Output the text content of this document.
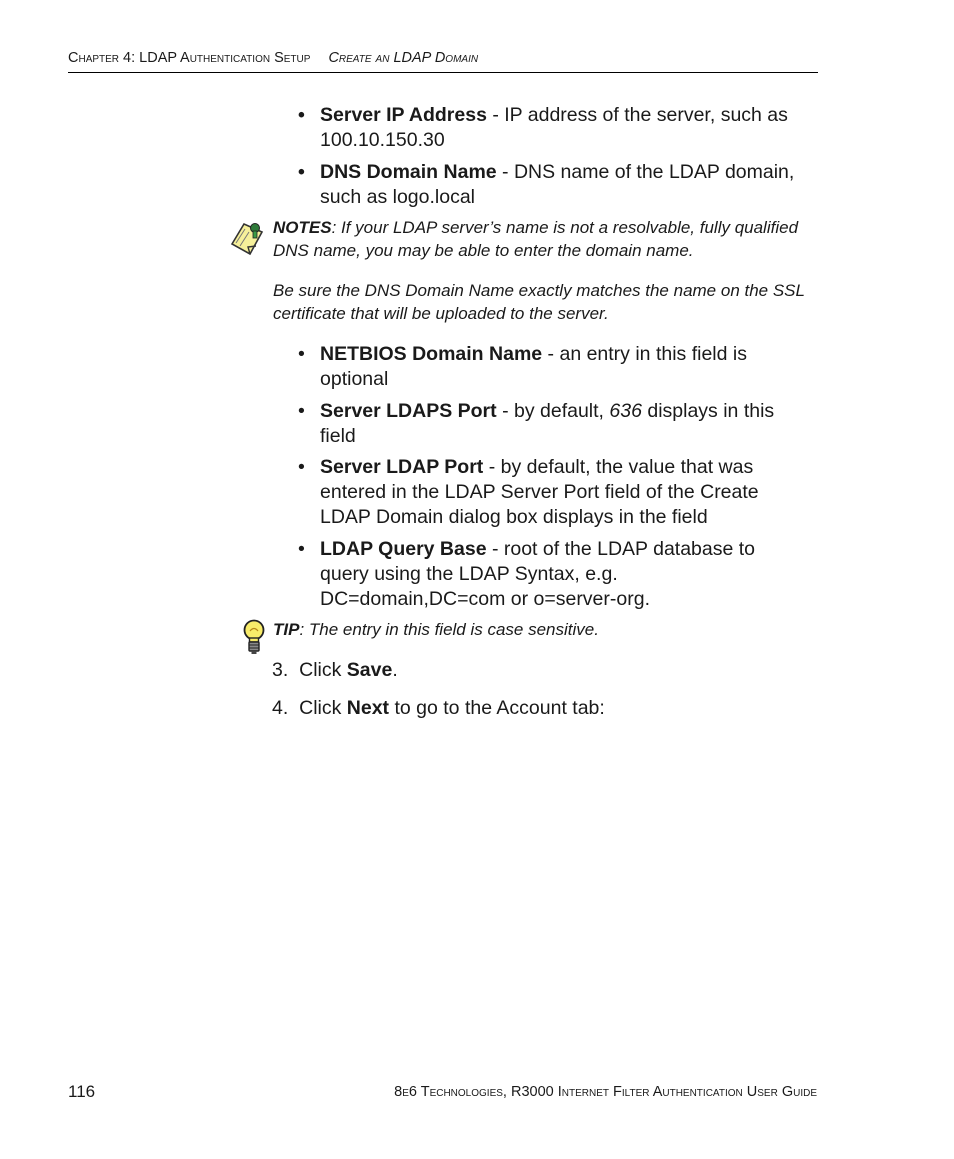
Chapter 4: LDAP Authentication Setup Create an LDAP Domain
• Server IP Address - IP address of the server, such as
100.10.150.30
• DNS Domain Name - DNS name of the LDAP domain,
such as logo.local
NOTES: If your LDAP server’s name is not a resolvable, fully qualified DNS name, you may be able to enter the domain name.
Be sure the DNS Domain Name exactly matches the name on the SSL certificate that will be uploaded to the server.
• NETBIOS Domain Name - an entry in this field is
optional
• Server LDAPS Port - by default, 636 displays in this
field
• Server LDAP Port - by default, the value that was
entered in the LDAP Server Port field of the Create
LDAP Domain dialog box displays in the field
• LDAP Query Base - root of the LDAP database to
query using the LDAP Syntax, e.g.
DC=domain,DC=com or o=server-org.
TIP: The entry in this field is case sensitive.
3. Click Save.
4. Click Next to go to the Account tab:
116	8e6 Technologies, R3000 Internet Filter Authentication User Guide
